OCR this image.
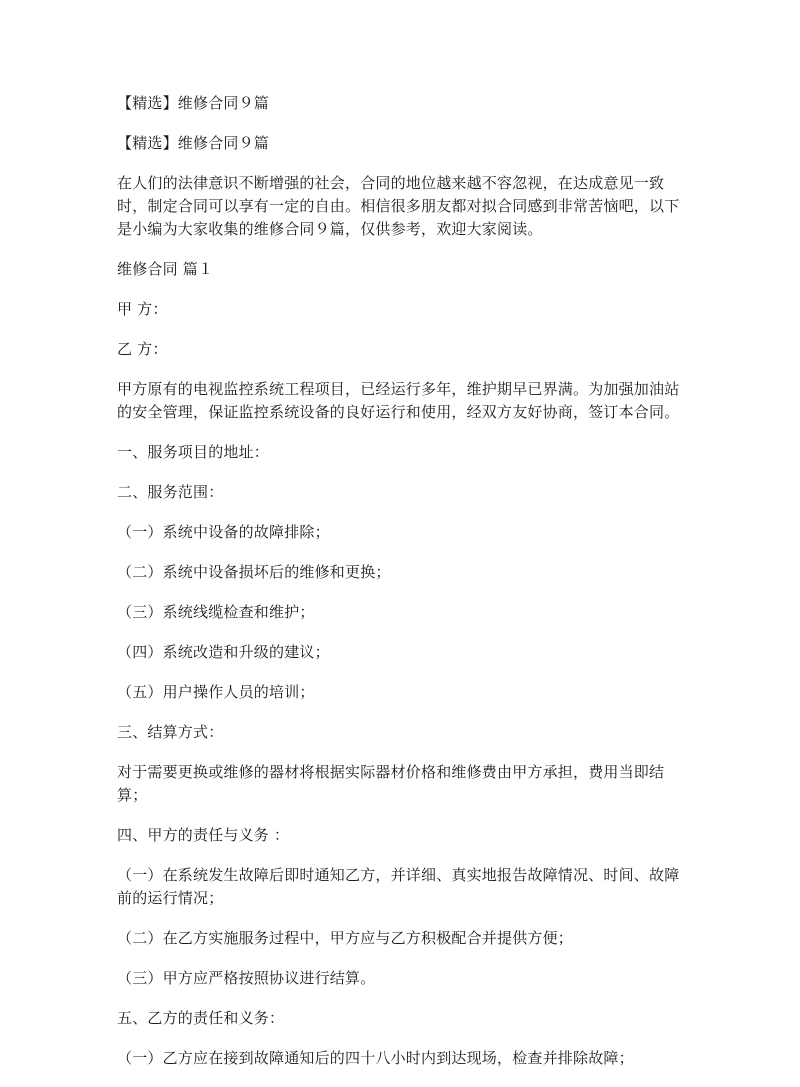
【精选】维修合同９篇

【精选】维修合同９篇

在人们的法律意识不断增强的社会，合同的地位越来越不容忽视，在达成意见一致时，制定合同可以享有一定的自由。相信很多朋友都对拟合同感到非常苦恼吧，以下是小编为大家收集的维修合同９篇，仅供参考，欢迎大家阅读。

维修合同 篇１

甲 方：

乙 方：

甲方原有的电视监控系统工程项目，已经运行多年，维护期早已界满。为加强加油站的安全管理，保证监控系统设备的良好运行和使用，经双方友好协商，签订本合同。

一、服务项目的地址：

二、服务范围：

（一）系统中设备的故障排除；

（二）系统中设备损坏后的维修和更换；

（三）系统线缆检查和维护；

（四）系统改造和升级的建议；

（五）用户操作人员的培训；

三、结算方式：

对于需要更换或维修的器材将根据实际器材价格和维修费由甲方承担，费用当即结算；

四、甲方的责任与义务 ：

（一）在系统发生故障后即时通知乙方，并详细、真实地报告故障情况、时间、故障前的运行情况；

（二）在乙方实施服务过程中，甲方应与乙方积极配合并提供方便；

（三）甲方应严格按照协议进行结算。

五、乙方的责任和义务：

（一）乙方应在接到故障通知后的四十八小时内到达现场，检查并排除故障；
